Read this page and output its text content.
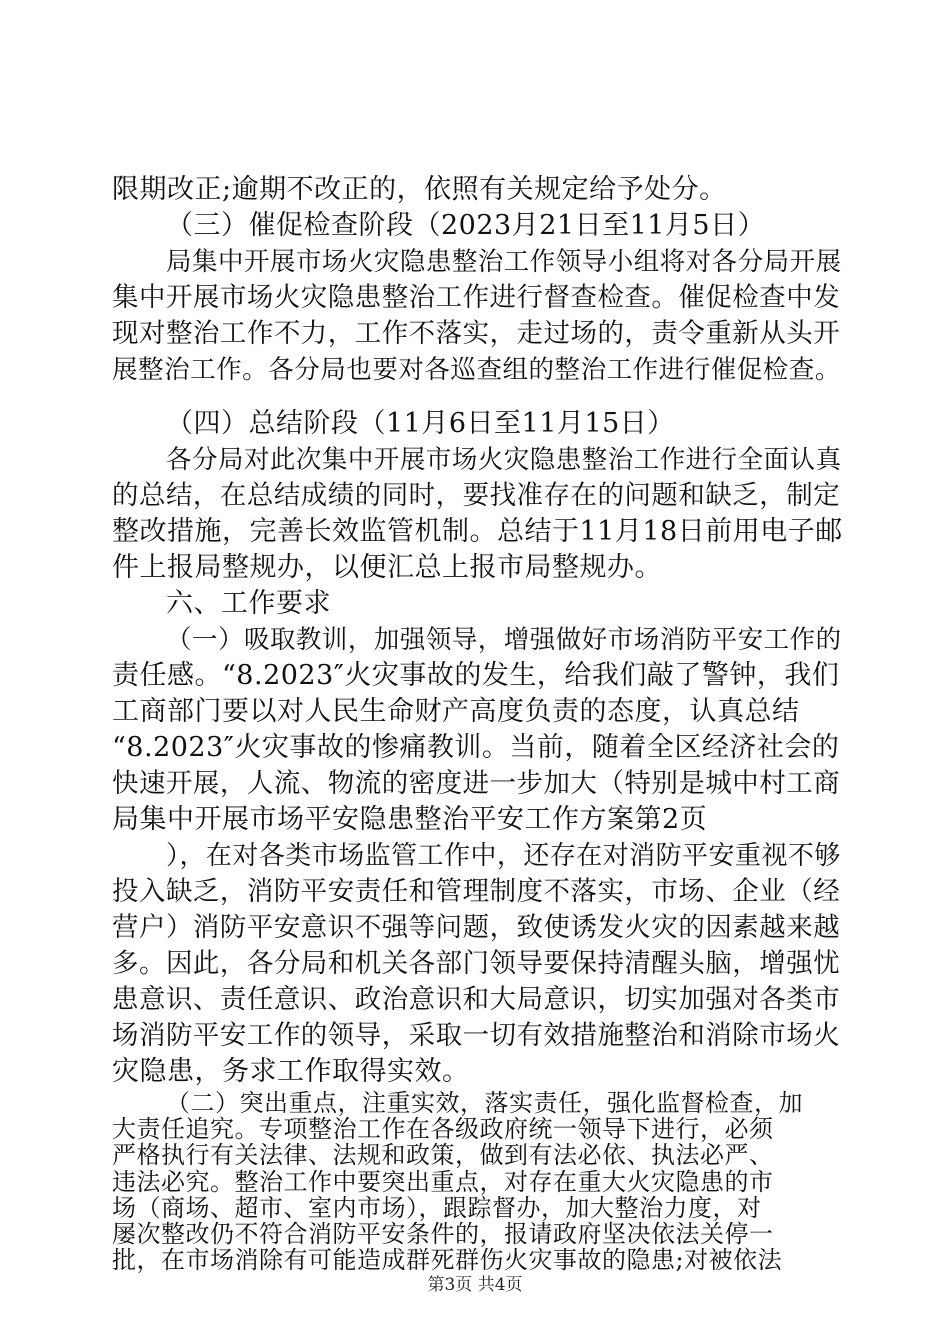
限期改正;逾期不改正的，依照有关规定给予处分。
（三）催促检查阶段（2023月21日至11月5日）
局集中开展市场火灾隐患整治工作领导小组将对各分局开展
集中开展市场火灾隐患整治工作进行督查检查。催促检查中发
现对整治工作不力，工作不落实，走过场的，责令重新从头开
展整治工作。各分局也要对各巡查组的整治工作进行催促检查。
（四）总结阶段（11月6日至11月15日）
各分局对此次集中开展市场火灾隐患整治工作进行全面认真
的总结，在总结成绩的同时，要找准存在的问题和缺乏，制定
整改措施，完善长效监管机制。总结于11月18日前用电子邮
件上报局整规办，以便汇总上报市局整规办。
六、工作要求
（一）吸取教训，加强领导，增强做好市场消防平安工作的
责任感。“8.2023″火灾事故的发生，给我们敲了警钟，我们
工商部门要以对人民生命财产高度负责的态度，认真总结
“8.2023″火灾事故的惨痛教训。当前，随着全区经济社会的
快速开展，人流、物流的密度进一步加大（特别是城中村工商
局集中开展市场平安隐患整治平安工作方案第2页
），在对各类市场监管工作中，还存在对消防平安重视不够
投入缺乏，消防平安责任和管理制度不落实，市场、企业（经
营户）消防平安意识不强等问题，致使诱发火灾的因素越来越
多。因此，各分局和机关各部门领导要保持清醒头脑，增强忧
患意识、责任意识、政治意识和大局意识，切实加强对各类市
场消防平安工作的领导，采取一切有效措施整治和消除市场火
灾隐患，务求工作取得实效。
（二）突出重点，注重实效，落实责任，强化监督检查，加
大责任追究。专项整治工作在各级政府统一领导下进行，必须
严格执行有关法律、法规和政策，做到有法必依、执法必严、
违法必究。整治工作中要突出重点，对存在重大火灾隐患的市
场（商场、超市、室内市场），跟踪督办，加大整治力度，对
屡次整改仍不符合消防平安条件的，报请政府坚决依法关停一
批，在市场消除有可能造成群死群伤火灾事故的隐患;对被依法
第3页 共4页
